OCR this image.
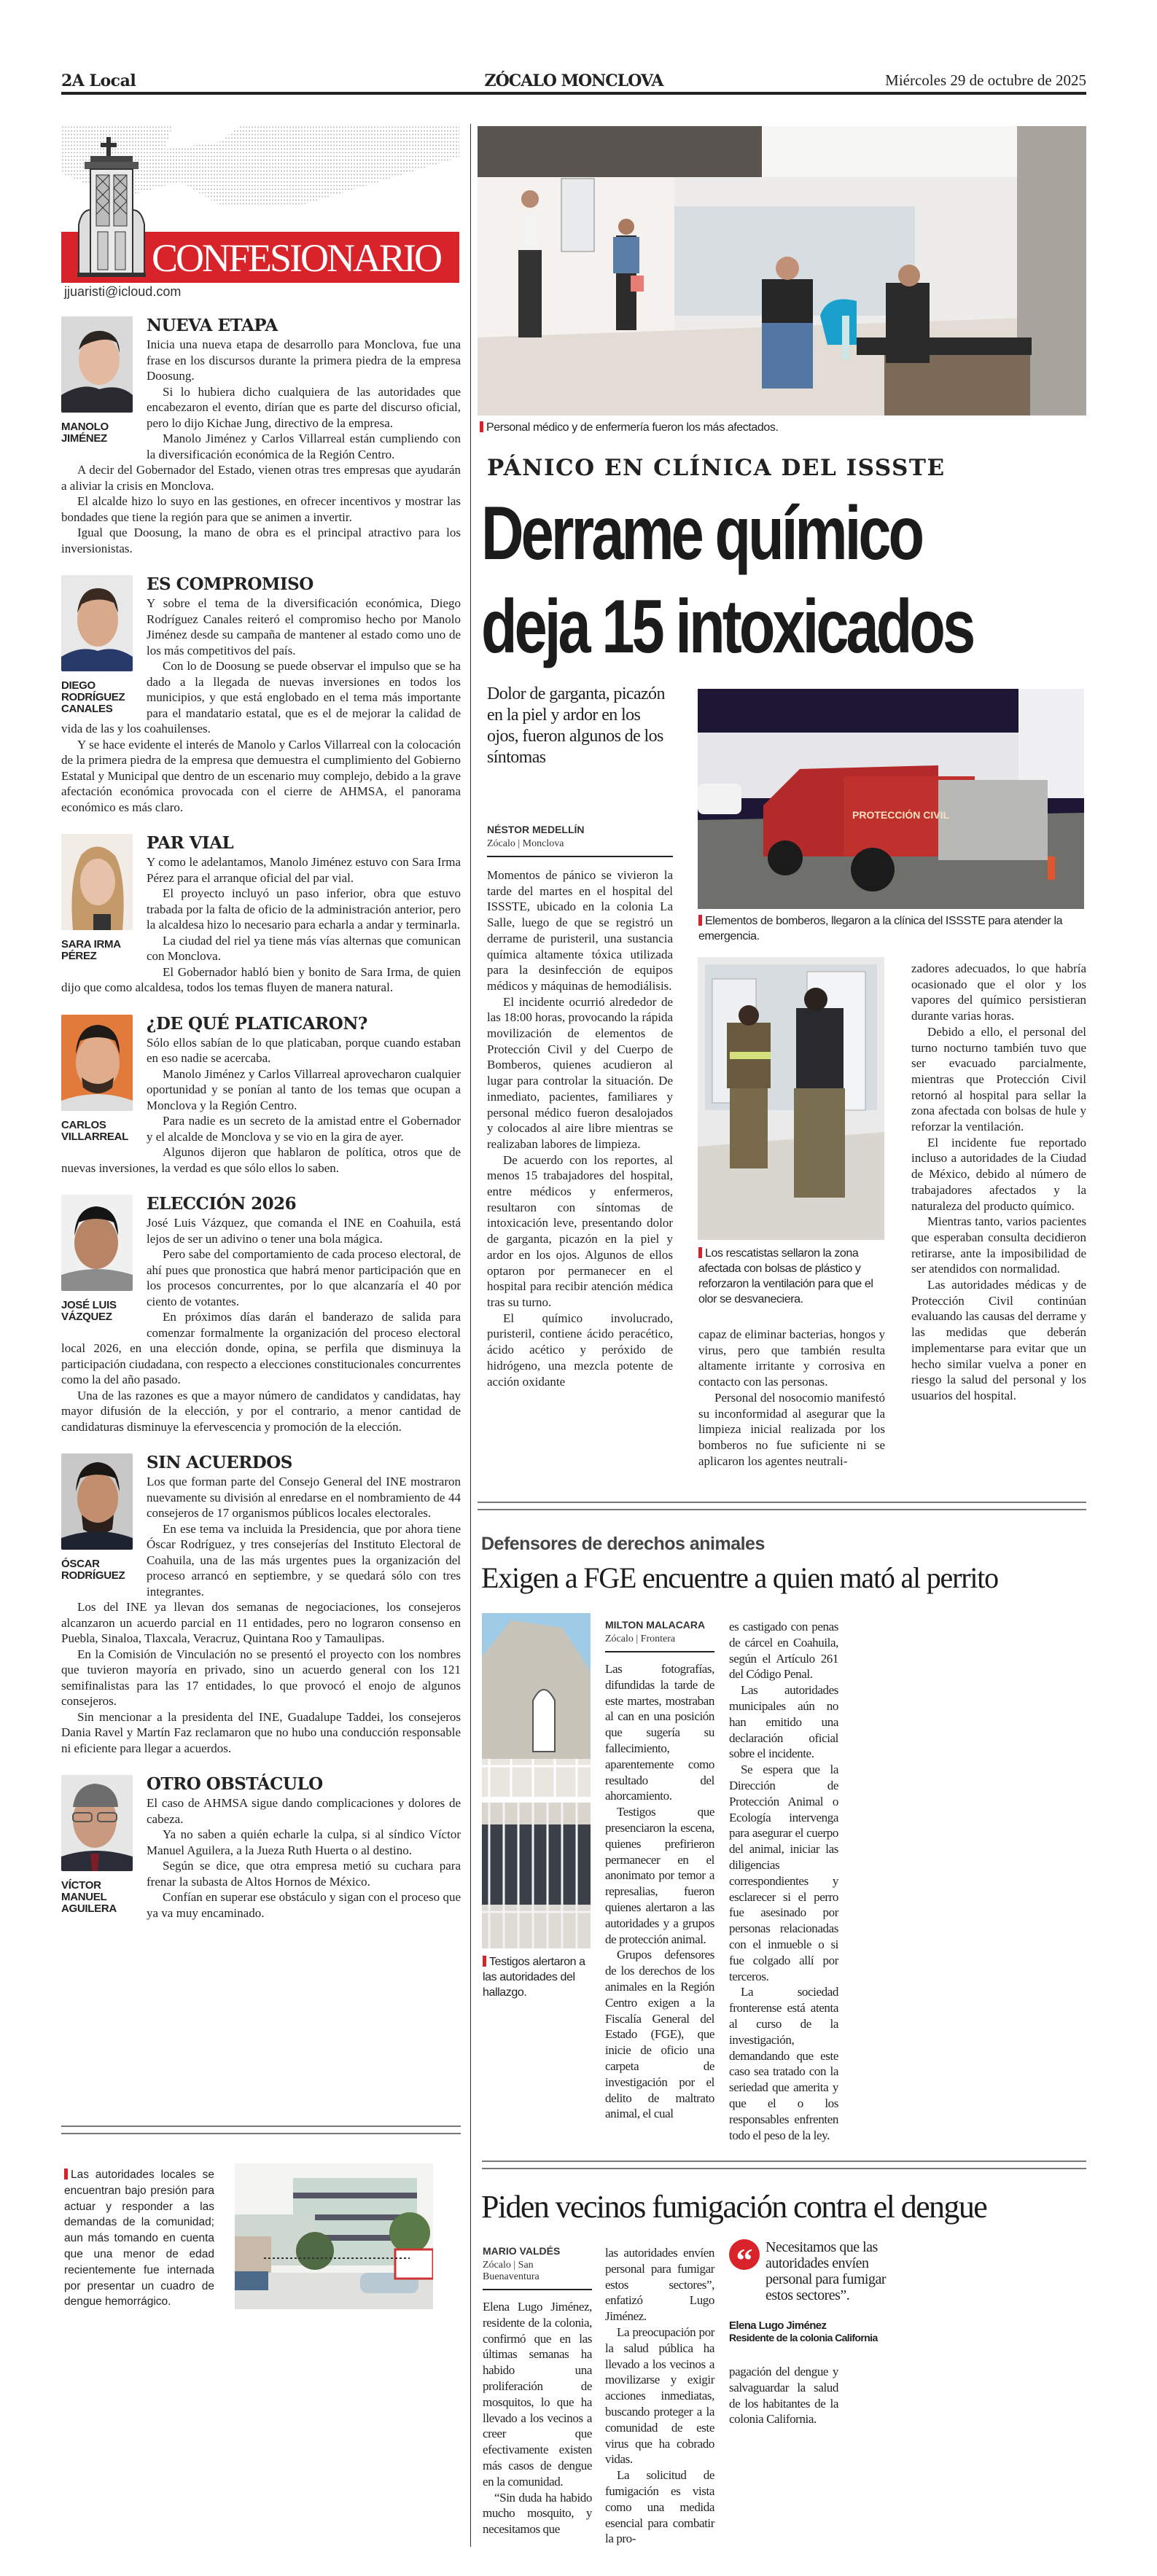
2A Local	ZÓCALO MONCLOVA	Miércoles 29 de octubre de 2025
CONFESIONARIO
jjuaristi@icloud.com
MANOLO JIMÉNEZ
NUEVA ETAPA

Inicia una nueva etapa de desarrollo para Monclova, fue una frase en los discursos durante la primera piedra de la empresa Doosung.

Si lo hubiera dicho cualquiera de las autoridades que encabezaron el evento, dirían que es parte del discurso oficial, pero lo dijo Kichae Jung, directivo de la empresa.

Manolo Jiménez y Carlos Villarreal están cumpliendo con la diversificación económica de la Región Centro.

A decir del Gobernador del Estado, vienen otras tres empresas que ayudarán a aliviar la crisis en Monclova.

El alcalde hizo lo suyo en las gestiones, en ofrecer incentivos y mostrar las bondades que tiene la región para que se animen a invertir.

Igual que Doosung, la mano de obra es el principal atractivo para los inversionistas.

DIEGO RODRÍGUEZ CANALES
ES COMPROMISO

Y sobre el tema de la diversificación económica, Diego Rodríguez Canales reiteró el compromiso hecho por Manolo Jiménez desde su campaña de mantener al estado como uno de los más competitivos del país.

Con lo de Doosung se puede observar el impulso que se ha dado a la llegada de nuevas inversiones en todos los municipios, y que está englobado en el tema más importante para el mandatario estatal, que es el de mejorar la calidad de vida de las y los coahuilenses.

Y se hace evidente el interés de Manolo y Carlos Villarreal con la colocación de la primera piedra de la empresa que demuestra el cumplimiento del Gobierno Estatal y Municipal que dentro de un escenario muy complejo, debido a la grave afectación económica provocada con el cierre de AHMSA, el panorama económico es más claro.

SARA IRMA PÉREZ
PAR VIAL

Y como le adelantamos, Manolo Jiménez estuvo con Sara Irma Pérez para el arranque oficial del par vial.

El proyecto incluyó un paso inferior, obra que estuvo trabada por la falta de oficio de la administración anterior, pero la alcaldesa hizo lo necesario para echarla a andar y terminarla.

La ciudad del riel ya tiene más vías alternas que comunican con Monclova.

El Gobernador habló bien y bonito de Sara Irma, de quien dijo que como alcaldesa, todos los temas fluyen de manera natural.

CARLOS VILLARREAL
¿DE QUÉ PLATICARON?

Sólo ellos sabían de lo que platicaban, porque cuando estaban en eso nadie se acercaba.

Manolo Jiménez y Carlos Villarreal aprovecharon cualquier oportunidad y se ponían al tanto de los temas que ocupan a Monclova y la Región Centro.

Para nadie es un secreto de la amistad entre el Gobernador y el alcalde de Monclova y se vio en la gira de ayer.

Algunos dijeron que hablaron de política, otros que de nuevas inversiones, la verdad es que sólo ellos lo saben.

JOSÉ LUIS VÁZQUEZ
ELECCIÓN 2026

José Luis Vázquez, que comanda el INE en Coahuila, está lejos de ser un adivino o tener una bola mágica.

Pero sabe del comportamiento de cada proceso electoral, de ahí pues que pronostica que habrá menor participación que en los procesos concurrentes, por lo que alcanzaría el 40 por ciento de votantes.

En próximos días darán el banderazo de salida para comenzar formalmente la organización del proceso electoral local 2026, en una elección donde, opina, se perfila que disminuya la participación ciudadana, con respecto a elecciones constitucionales concurrentes como la del año pasado.

Una de las razones es que a mayor número de candidatos y candidatas, hay mayor difusión de la elección, y por el contrario, a menor cantidad de candidaturas disminuye la efervescencia y promoción de la elección.

ÓSCAR RODRÍGUEZ
SIN ACUERDOS

Los que forman parte del Consejo General del INE mostraron nuevamente su división al enredarse en el nombramiento de 44 consejeros de 17 organismos públicos locales electorales.

En ese tema va incluida la Presidencia, que por ahora tiene Óscar Rodríguez, y tres consejerías del Instituto Electoral de Coahuila, una de las más urgentes pues la organización del proceso arrancó en septiembre, y se quedará sólo con tres integrantes.

Los del INE ya llevan dos semanas de negociaciones, los consejeros alcanzaron un acuerdo parcial en 11 entidades, pero no lograron consenso en Puebla, Sinaloa, Tlaxcala, Veracruz, Quintana Roo y Tamaulipas.

En la Comisión de Vinculación no se presentó el proyecto con los nombres que tuvieron mayoría en privado, sino un acuerdo general con los 121 semifinalistas para las 17 entidades, lo que provocó el enojo de algunos consejeros.

Sin mencionar a la presidenta del INE, Guadalupe Taddei, los consejeros Dania Ravel y Martín Faz reclamaron que no hubo una conducción responsable ni eficiente para llegar a acuerdos.

VÍCTOR MANUEL AGUILERA
OTRO OBSTÁCULO

El caso de AHMSA sigue dando complicaciones y dolores de cabeza.

Ya no saben a quién echarle la culpa, si al síndico Víctor Manuel Aguilera, a la Jueza Ruth Huerta o al destino.

Según se dice, que otra empresa metió su cuchara para frenar la subasta de Altos Hornos de México.

Confían en superar ese obstáculo y sigan con el proceso que ya va muy encaminado.

Las autoridades locales se encuentran bajo presión para actuar y responder a las demandas de la comunidad; aun más tomando en cuenta que una menor de edad recientemente fue internada por presentar un cuadro de dengue hemorrágico.
Personal médico y de enfermería fueron los más afectados.
PÁNICO EN CLÍNICA DEL ISSSTE
Derrame químico
deja 15 intoxicados
Dolor de garganta, picazón en la piel y ardor en los ojos, fueron algunos de los síntomas
NÉSTOR MEDELLÍN
Zócalo | Monclova

Momentos de pánico se vivieron la tarde del martes en el hospital del ISSSTE, ubicado en la colonia La Salle, luego de que se registró un derrame de puristeril, una sustancia química altamente tóxica utilizada para la desinfección de equipos médicos y máquinas de hemodiálisis.

El incidente ocurrió alrededor de las 18:00 horas, provocando la rápida movilización de elementos de Protección Civil y del Cuerpo de Bomberos, quienes acudieron al lugar para controlar la situación. De inmediato, pacientes, familiares y personal médico fueron desalojados y colocados al aire libre mientras se realizaban labores de limpieza.

De acuerdo con los reportes, al menos 15 trabajadores del hospital, entre médicos y enfermeros, resultaron con síntomas de intoxicación leve, presentando dolor de garganta, picazón en la piel y ardor en los ojos. Algunos de ellos optaron por permanecer en el hospital para recibir atención médica tras su turno.

El químico involucrado, puristeril, contiene ácido peracético, ácido acético y peróxido de hidrógeno, una mezcla potente de acción oxidante

PROTECCIÓN CIVIL
Elementos de bomberos, llegaron a la clínica del ISSSTE para atender la emergencia.
Los rescatistas sellaron la zona afectada con bolsas de plástico y reforzaron la ventilación para que el olor se desvaneciera.

capaz de eliminar bacterias, hongos y virus, pero que también resulta altamente irritante y corrosiva en contacto con las personas.

Personal del nosocomio manifestó su inconformidad al asegurar que la limpieza inicial realizada por los bomberos no fue suficiente ni se aplicaron los agentes neutrali-

zadores adecuados, lo que habría ocasionado que el olor y los vapores del químico persistieran durante varias horas.

Debido a ello, el personal del turno nocturno también tuvo que ser evacuado parcialmente, mientras que Protección Civil retornó al hospital para sellar la zona afectada con bolsas de hule y reforzar la ventilación.

El incidente fue reportado incluso a autoridades de la Ciudad de México, debido al número de trabajadores afectados y la naturaleza del producto químico.

Mientras tanto, varios pacientes que esperaban consulta decidieron retirarse, ante la imposibilidad de ser atendidos con normalidad.

Las autoridades médicas y de Protección Civil continúan evaluando las causas del derrame y las medidas que deberán implementarse para evitar que un hecho similar vuelva a poner en riesgo la salud del personal y los usuarios del hospital.

Defensores de derechos animales
Exigen a FGE encuentre a quien mató al perrito
Testigos alertaron a las autoridades del hallazgo.
MILTON MALACARA
Zócalo | Frontera

Las fotografías, difundidas la tarde de este martes, mostraban al can en una posición que sugería su fallecimiento, aparentemente como resultado del ahorcamiento.

Testigos que presenciaron la escena, quienes prefirieron permanecer en el anonimato por temor a represalias, fueron quienes alertaron a las autoridades y a grupos de protección animal.

Grupos defensores de los derechos de los animales en la Región Centro exigen a la Fiscalía General del Estado (FGE), que inicie de oficio una carpeta de investigación por el delito de maltrato animal, el cual

es castigado con penas de cárcel en Coahuila, según el Artículo 261 del Código Penal.

Las autoridades municipales aún no han emitido una declaración oficial sobre el incidente.

Se espera que la Dirección de Protección Animal o Ecología intervenga para asegurar el cuerpo del animal, iniciar las diligencias correspondientes y esclarecer si el perro fue asesinado por personas relacionadas con el inmueble o si fue colgado allí por terceros.

La sociedad fronterense está atenta al curso de la investigación, demandando que este caso sea tratado con la seriedad que amerita y que el o los responsables enfrenten todo el peso de la ley.

Piden vecinos fumigación contra el dengue
MARIO VALDÉS
Zócalo | San Buenaventura

Elena Lugo Jiménez, residente de la colonia, confirmó que en las últimas semanas ha habido una proliferación de mosquitos, lo que ha llevado a los vecinos a creer que efectivamente existen más casos de dengue en la comunidad.

“Sin duda ha habido mucho mosquito, y necesitamos que

las autoridades envíen personal para fumigar estos sectores”, enfatizó Lugo Jiménez.

La preocupación por la salud pública ha llevado a los vecinos a movilizarse y exigir acciones inmediatas, buscando proteger a la comunidad de este virus que ha cobrado vidas.

La solicitud de fumigación es vista como una medida esencial para combatir la pro-

“ Necesitamos que las autoridades envíen personal para fumigar estos sectores”.
Elena Lugo Jiménez
Residente de la colonia California

pagación del dengue y salvaguardar la salud de los habitantes de la colonia California.
